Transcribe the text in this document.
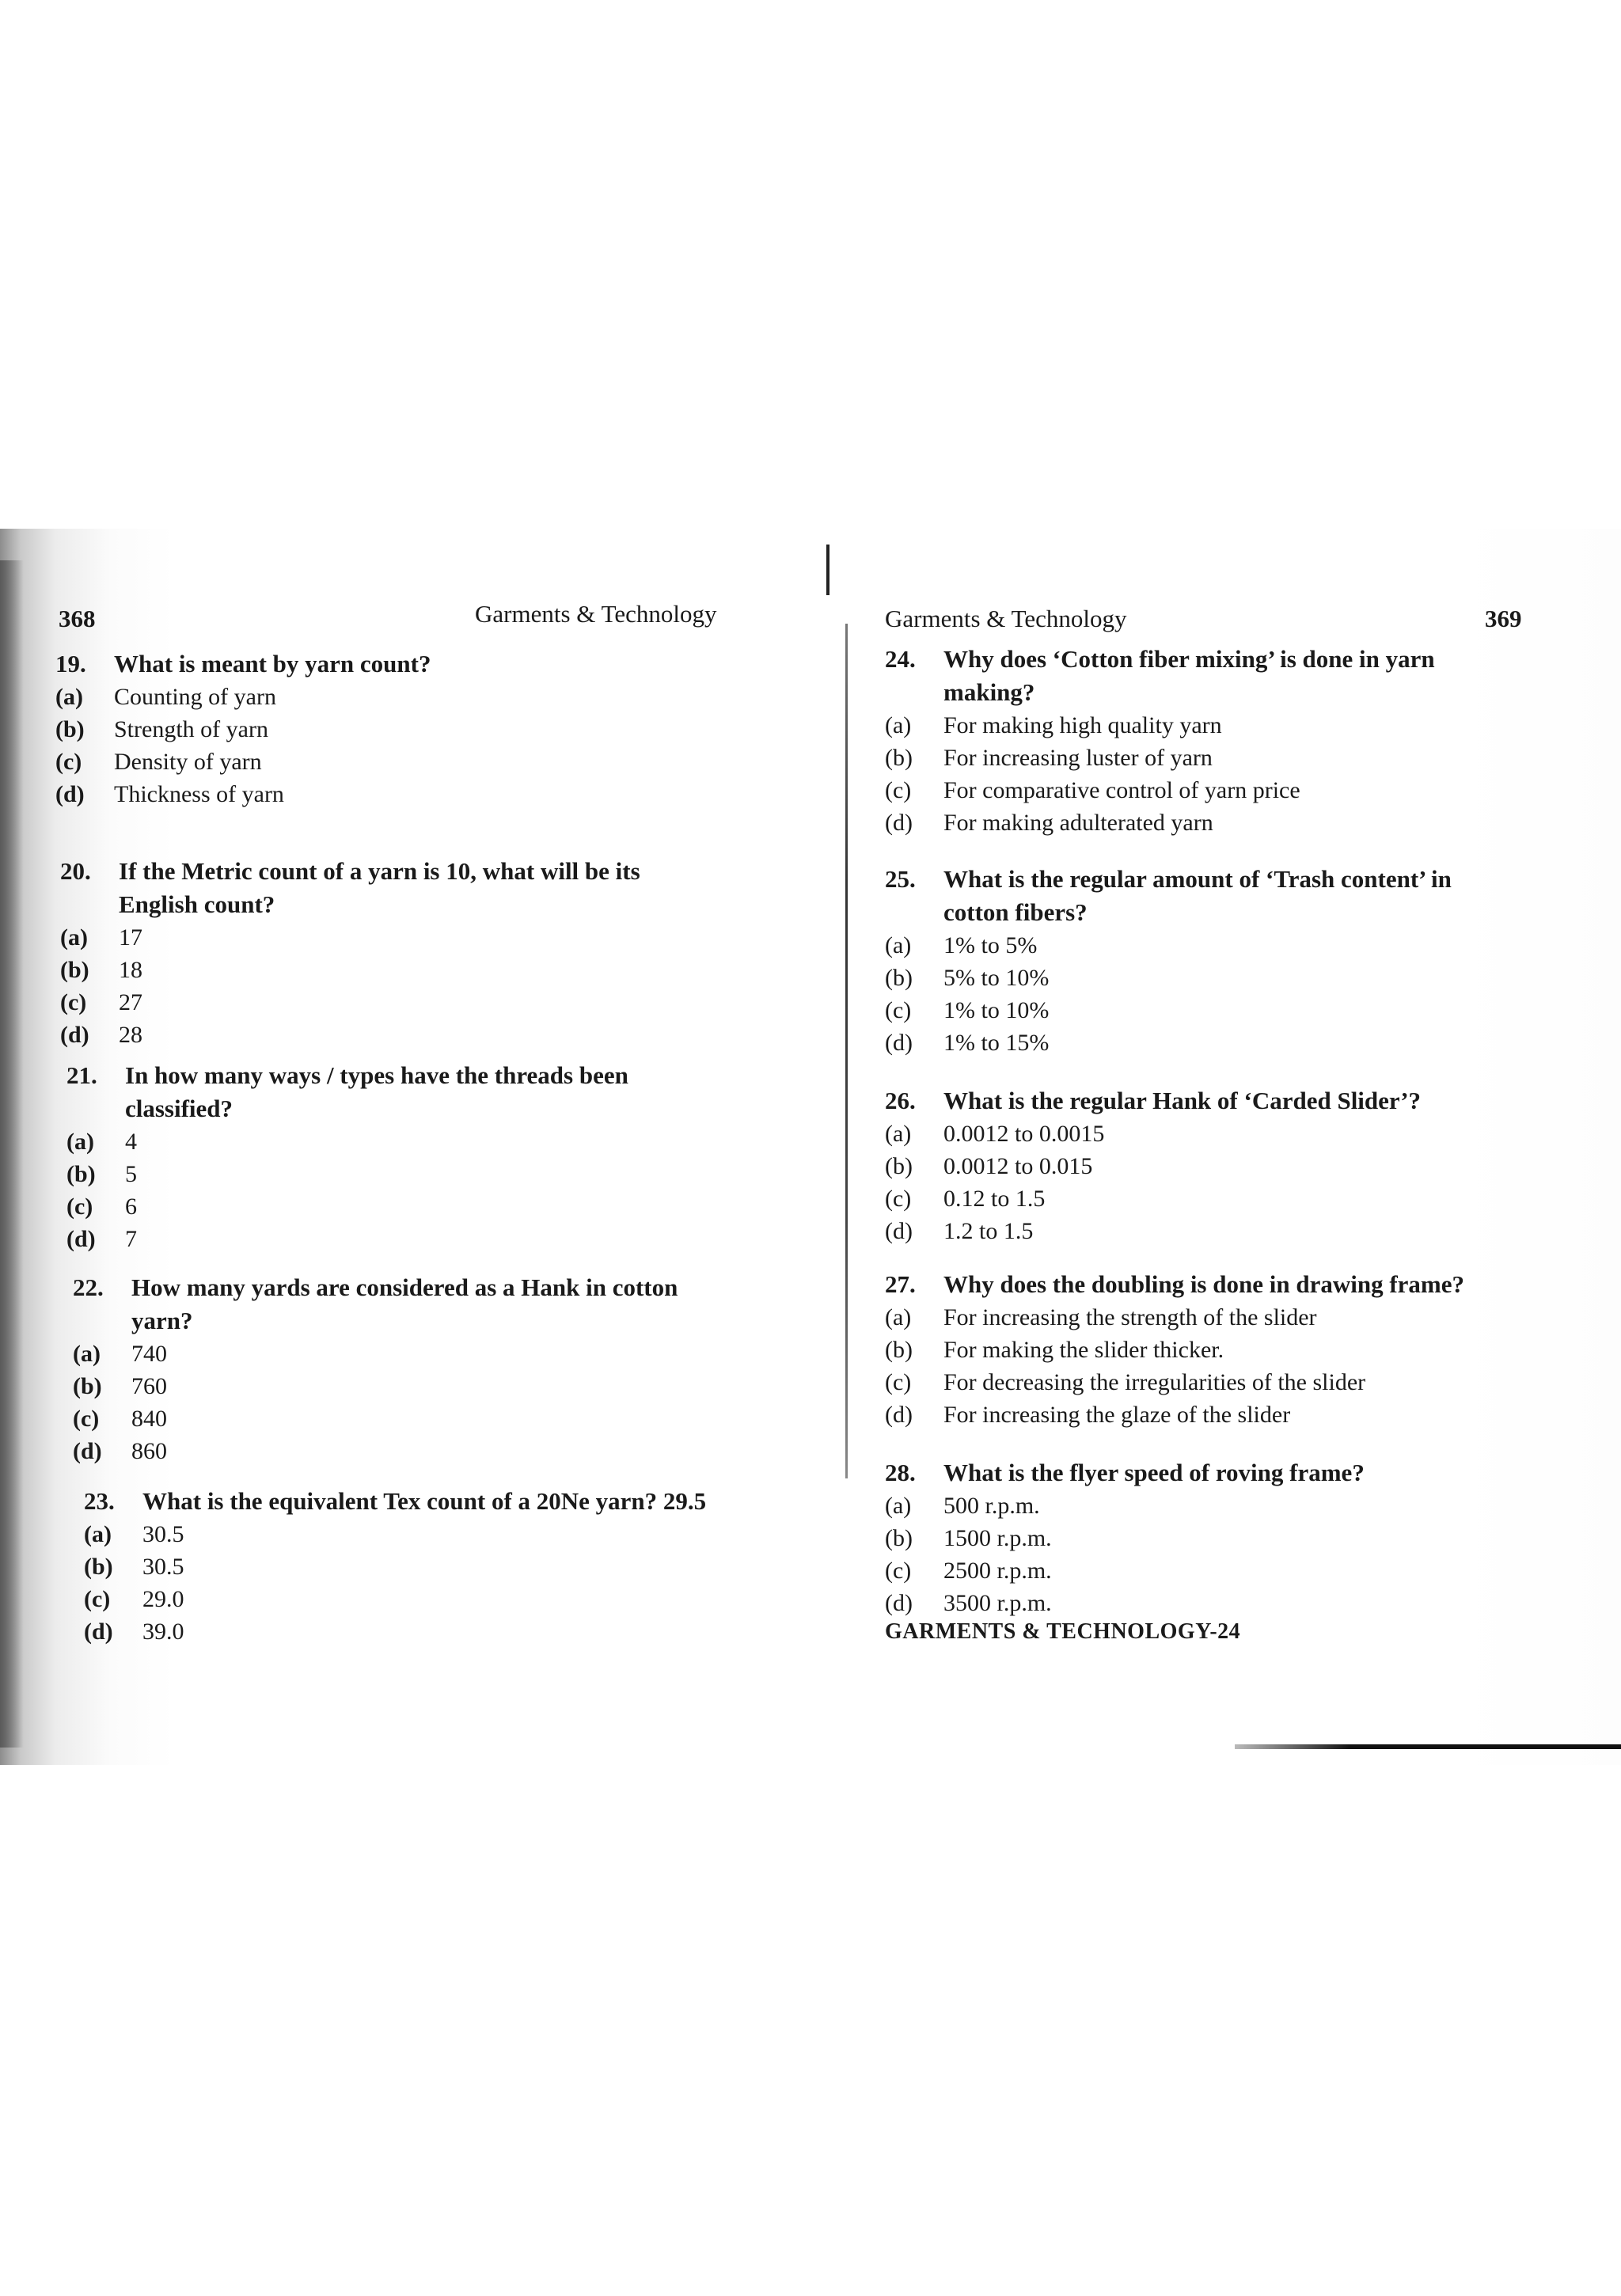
368	Garments & Technology
19.	What is meant by yarn count?
(a)	Counting of yarn
(b)	Strength of yarn
(c)	Density of yarn
(d)	Thickness of yarn
20.	If the Metric count of a yarn is 10, what will be its English count?
(a)	17
(b)	18
(c)	27
(d)	28
21.	In how many ways / types have the threads been classified?
(a)	4
(b)	5
(c)	6
(d)	7
22.	How many yards are considered as a Hank in cotton yarn?
(a)	740
(b)	760
(c)	840
(d)	860
23.	What is the equivalent Tex count of a 20Ne yarn? 29.5
(a)	30.5
(b)	30.5
(c)	29.0
(d)	39.0
Garments & Technology	369
24.	Why does ‘Cotton fiber mixing’ is done in yarn making?
(a)	For making high quality yarn
(b)	For increasing luster of yarn
(c)	For comparative control of yarn price
(d)	For making adulterated yarn
25.	What is the regular amount of ‘Trash content’ in cotton fibers?
(a)	1% to 5%
(b)	5% to 10%
(c)	1% to 10%
(d)	1% to 15%
26.	What is the regular Hank of ‘Carded Slider’?
(a)	0.0012 to 0.0015
(b)	0.0012 to 0.015
(c)	0.12 to 1.5
(d)	1.2 to 1.5
27.	Why does the doubling is done in drawing frame?
(a)	For increasing the strength of the slider
(b)	For making the slider thicker.
(c)	For decreasing the irregularities of the slider
(d)	For increasing the glaze of the slider
28.	What is the flyer speed of roving frame?
(a)	500 r.p.m.
(b)	1500 r.p.m.
(c)	2500 r.p.m.
(d)	3500 r.p.m.
GARMENTS & TECHNOLOGY-24
